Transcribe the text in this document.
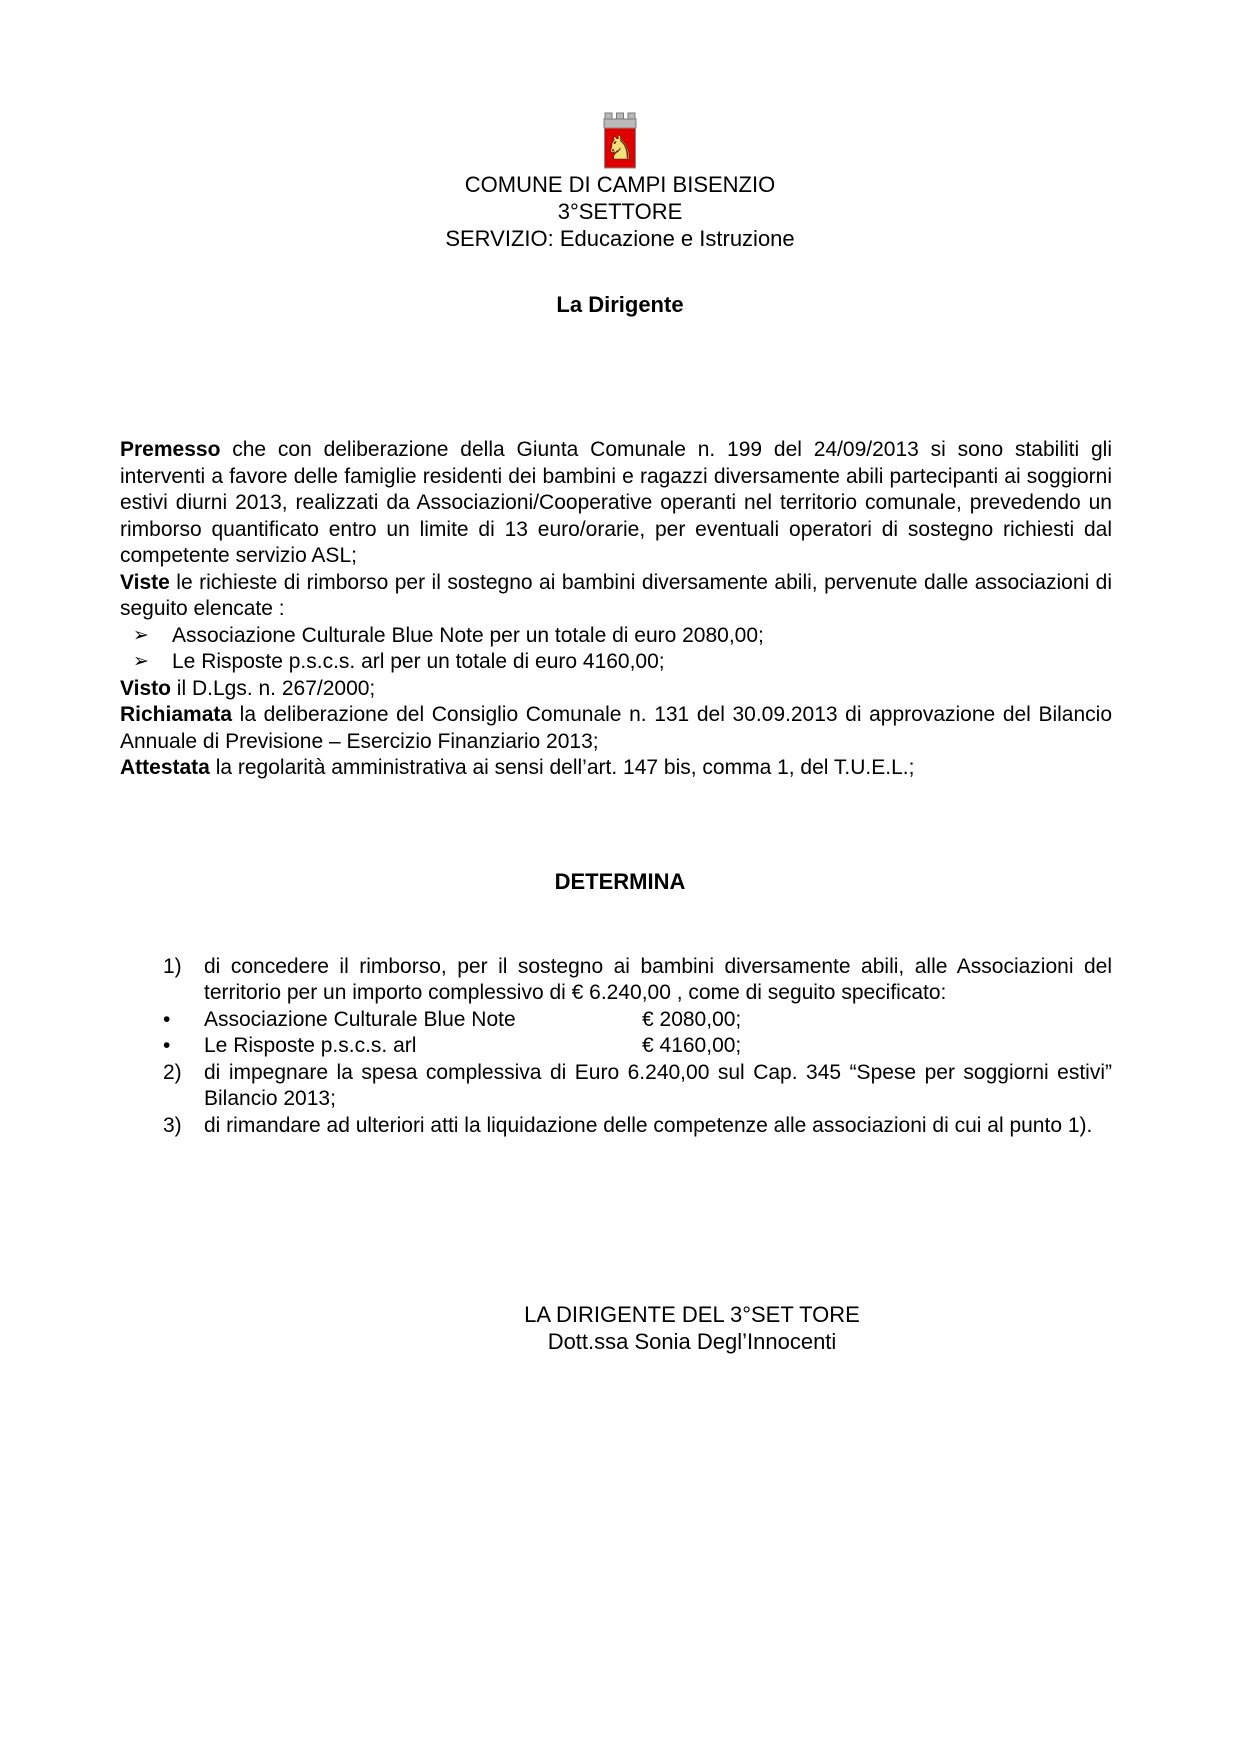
♞
COMUNE DI CAMPI BISENZIO
3°SETTORE
SERVIZIO: Educazione e Istruzione
La Dirigente

Premesso che con deliberazione della Giunta Comunale n. 199 del 24/09/2013 si sono stabiliti gli interventi a favore delle famiglie residenti dei bambini e ragazzi diversamente abili partecipanti ai soggiorni estivi diurni 2013, realizzati da Associazioni/Cooperative operanti nel territorio comunale, prevedendo un rimborso quantificato entro un limite di 13 euro/orarie, per eventuali operatori di sostegno richiesti dal competente servizio ASL;

Viste le richieste di rimborso per il sostegno ai bambini diversamente abili, pervenute dalle associazioni di seguito elencate :

➢	Associazione Culturale Blue Note per un totale di euro 2080,00;
➢	Le Risposte p.s.c.s. arl per un totale di euro 4160,00;

Visto il D.Lgs. n. 267/2000;

Richiamata la deliberazione del Consiglio Comunale n. 131 del 30.09.2013 di approvazione del Bilancio Annuale di Previsione – Esercizio Finanziario 2013;

Attestata la regolarità amministrativa ai sensi dell’art. 147 bis, comma 1, del T.U.E.L.;

DETERMINA
1)	di concedere il rimborso, per il sostegno ai bambini diversamente abili, alle Associazioni del territorio per un importo complessivo di € 6.240,00 , come di seguito specificato:
•	Associazione Culturale Blue Note	€ 2080,00;
•	Le Risposte p.s.c.s. arl	€ 4160,00;
2)	di impegnare la spesa complessiva di Euro 6.240,00 sul Cap. 345 “Spese per soggiorni estivi” Bilancio 2013;
3)	di rimandare ad ulteriori atti la liquidazione delle competenze alle associazioni di cui al punto 1).
LA DIRIGENTE DEL 3°SET TORE
Dott.ssa Sonia Degl’Innocenti
